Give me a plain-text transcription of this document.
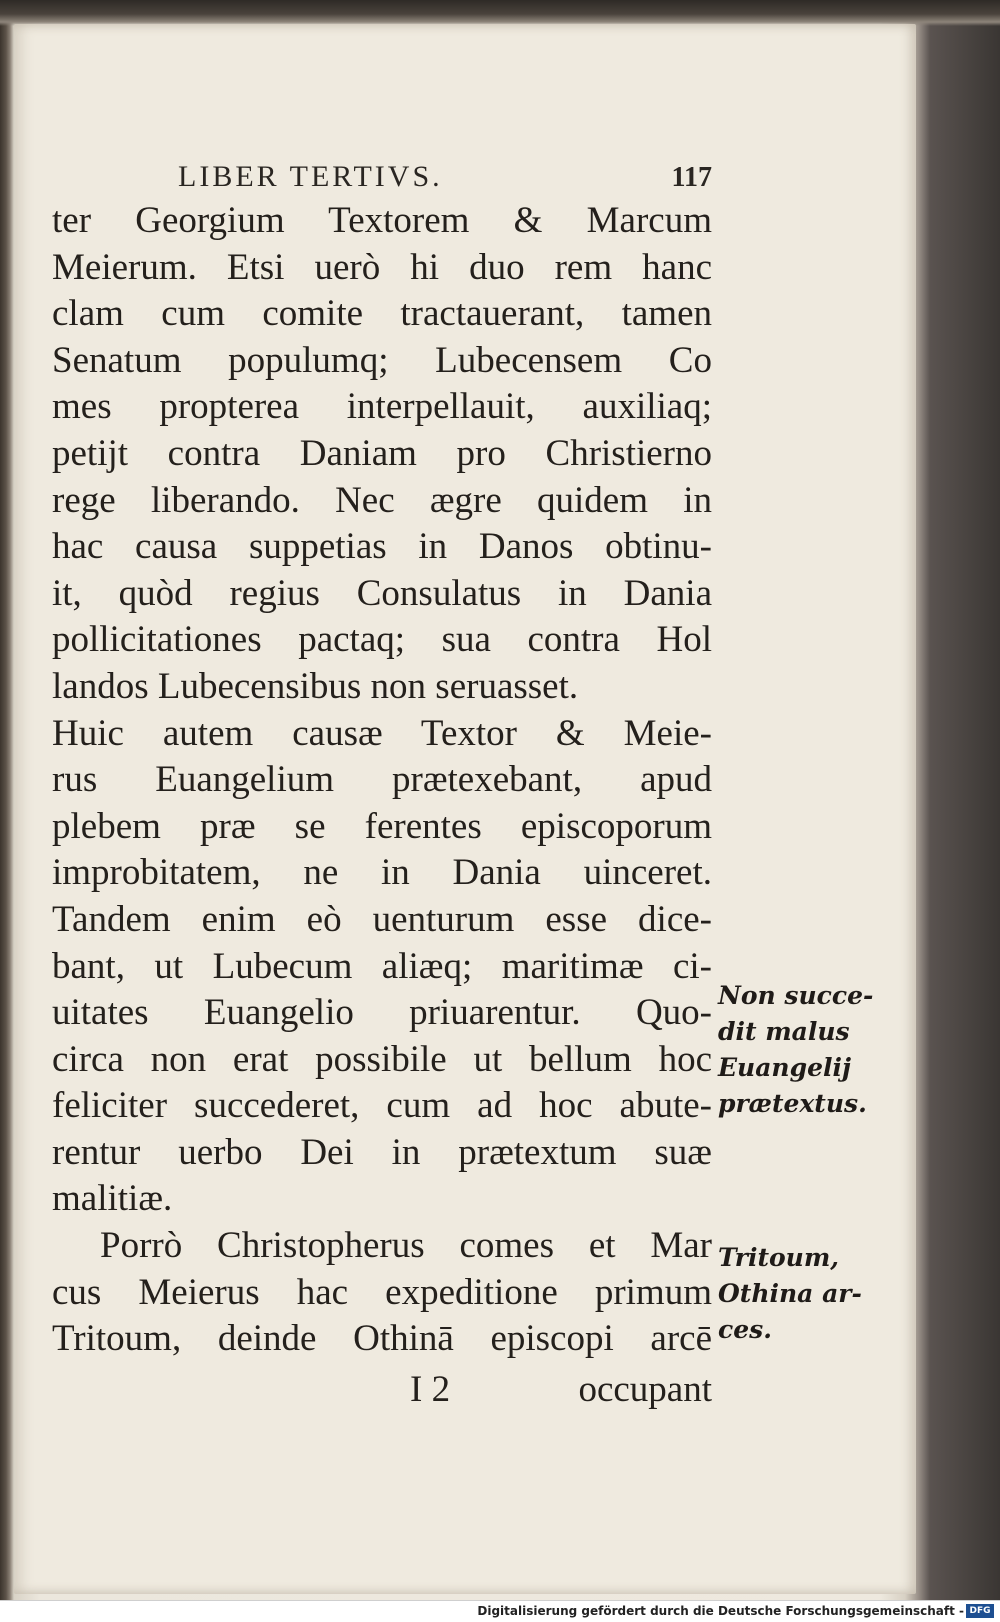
LIBER TERTIVS.	117
ter Georgium Textorem & Marcum
Meierum. Etsi uerò hi duo rem hanc
clam cum comite tractauerant, tamen
Senatum populumq; Lubecensem Co
mes propterea interpellauit, auxiliaq;
petijt contra Daniam pro Christierno
rege liberando. Nec ægre quidem in
hac causa suppetias in Danos obtinu-
it, quòd regius Consulatus in Dania
pollicitationes pactaq; sua contra Hol
landos Lubecensibus non seruasset.
Huic autem causæ Textor & Meie-
rus Euangelium prætexebant, apud
plebem præ se ferentes episcoporum
improbitatem, ne in Dania uinceret.
Tandem enim eò uenturum esse dice-
bant, ut Lubecum aliæq; maritimæ ci-
uitates Euangelio priuarentur. Quo-
circa non erat possibile ut bellum hoc
feliciter succederet, cum ad hoc abute-
rentur uerbo Dei in prætextum suæ
malitiæ.
Porrò Christopherus comes et Mar
cus Meierus hac expeditione primum
Tritoum, deinde Othinā episcopi arcē
I 2	occupant
Non succe-
dit malus
Euangelij
prætextus.
Tritoum,
Othina ar-
ces.
Digitalisierung gefördert durch die Deutsche Forschungsgemeinschaft - DFG
